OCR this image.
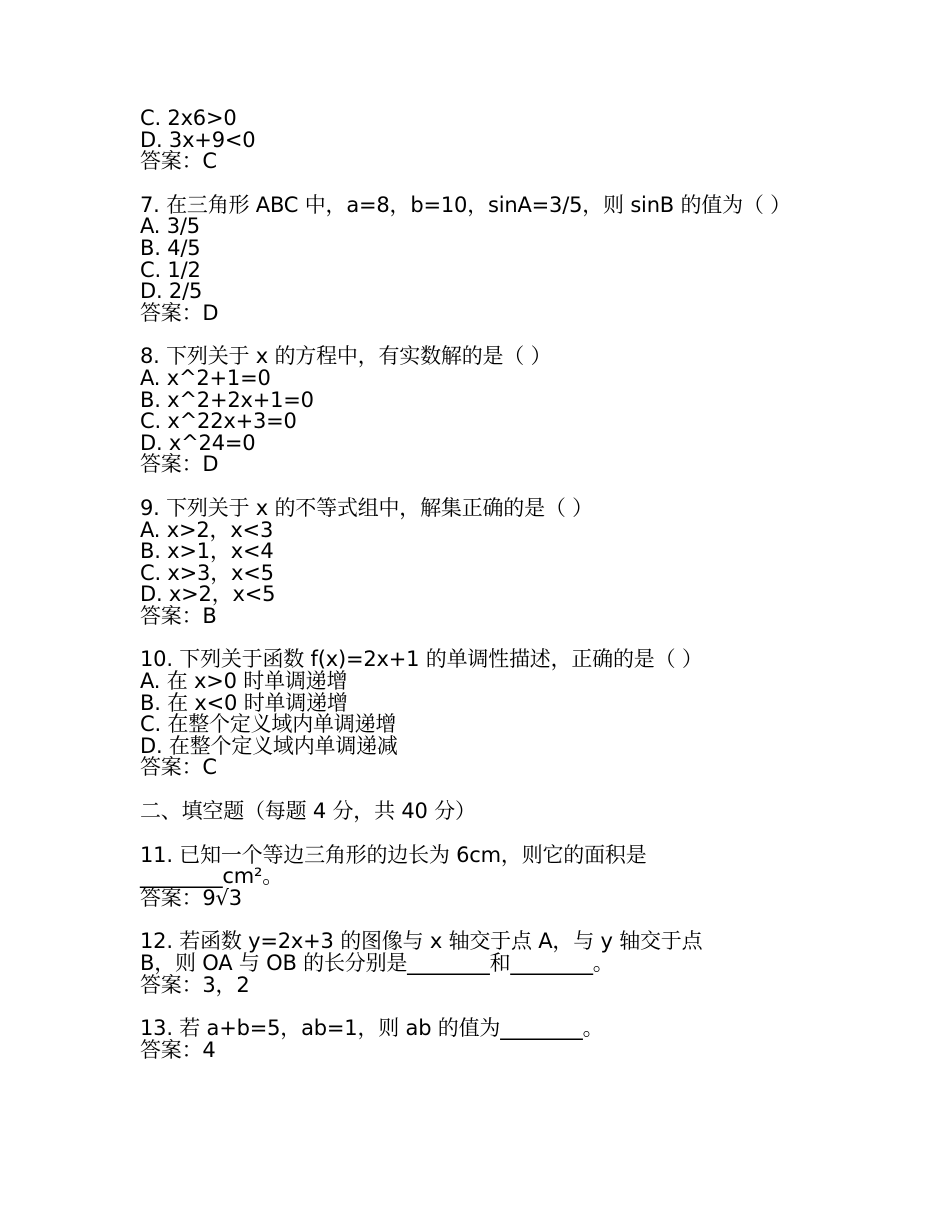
C. 2x6>0
D. 3x+9<0
答案：C
7. 在三角形 ABC 中，a=8，b=10，sinA=3/5，则 sinB 的值为（ ）
A. 3/5
B. 4/5
C. 1/2
D. 2/5
答案：D
8. 下列关于 x 的方程中，有实数解的是（ ）
A. x^2+1=0
B. x^2+2x+1=0
C. x^22x+3=0
D. x^24=0
答案：D
9. 下列关于 x 的不等式组中，解集正确的是（ ）
A. x>2，x<3
B. x>1，x<4
C. x>3，x<5
D. x>2，x<5
答案：B
10. 下列关于函数 f(x)=2x+1 的单调性描述，正确的是（ ）
A. 在 x>0 时单调递增
B. 在 x<0 时单调递增
C. 在整个定义域内单调递增
D. 在整个定义域内单调递减
答案：C
二、填空题（每题 4 分，共 40 分）
11. 已知一个等边三角形的边长为 6cm，则它的面积是
________cm²。
答案：9√3
12. 若函数 y=2x+3 的图像与 x 轴交于点 A，与 y 轴交于点
B，则 OA 与 OB 的长分别是________和________。
答案：3，2
13. 若 a+b=5，ab=1，则 ab 的值为________。
答案：4
